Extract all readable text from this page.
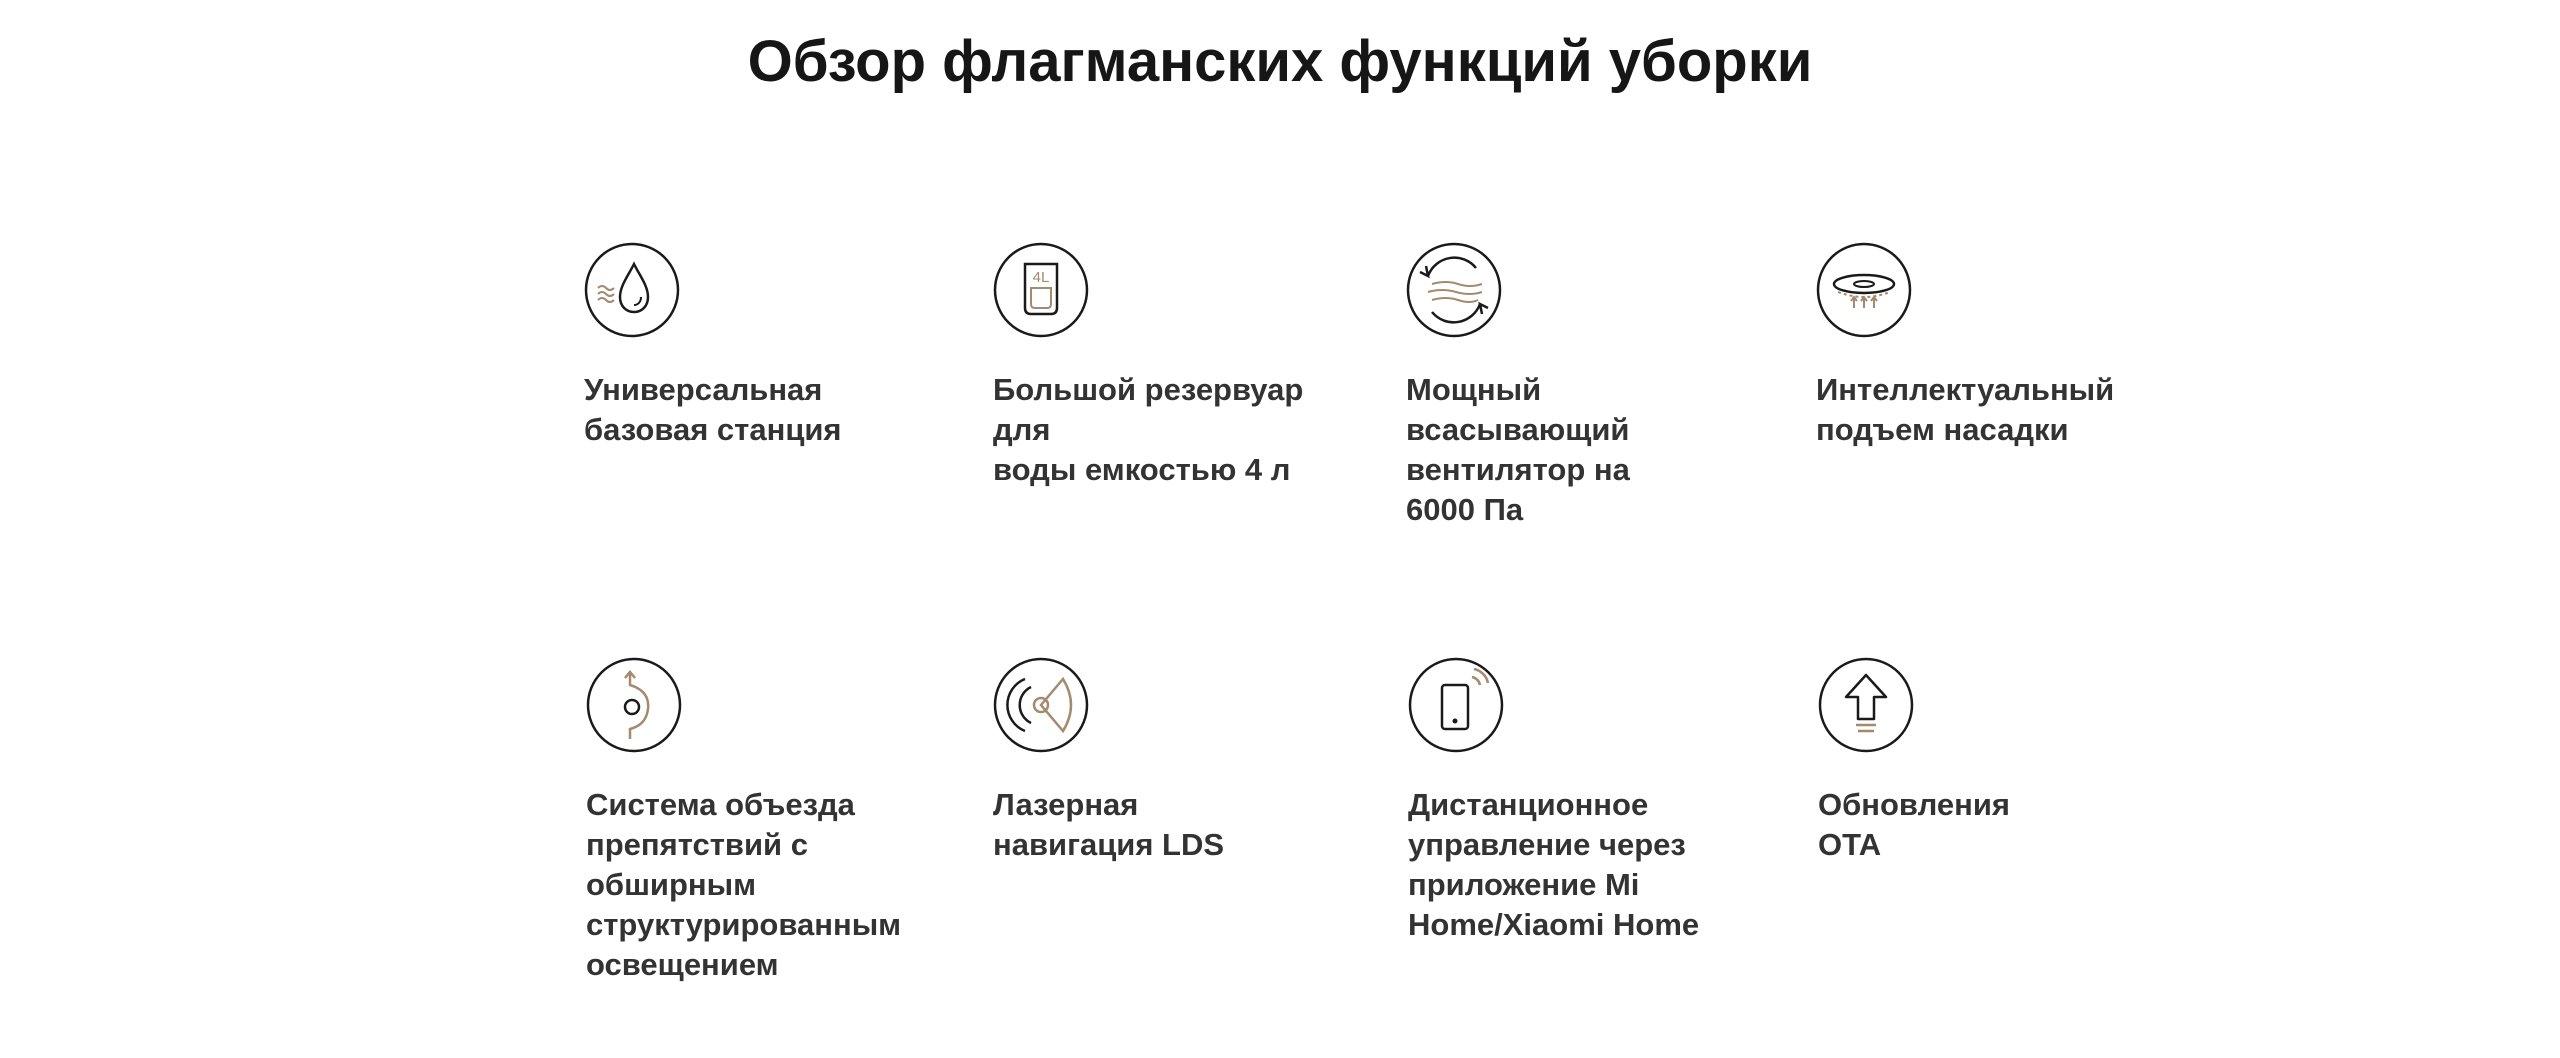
Обзор флагманских функций уборки
Универсальная
базовая станция
4L
Большой резервуар для
воды емкостью 4 л
Мощный
всасывающий
вентилятор на
6000 Па
Интеллектуальный
подъем насадки
Система объезда
препятствий с
обширным
структурированным
освещением
Лазерная
навигация LDS
Дистанционное
управление через
приложение Mi
Home/Xiaomi Home
Обновления
OTA
